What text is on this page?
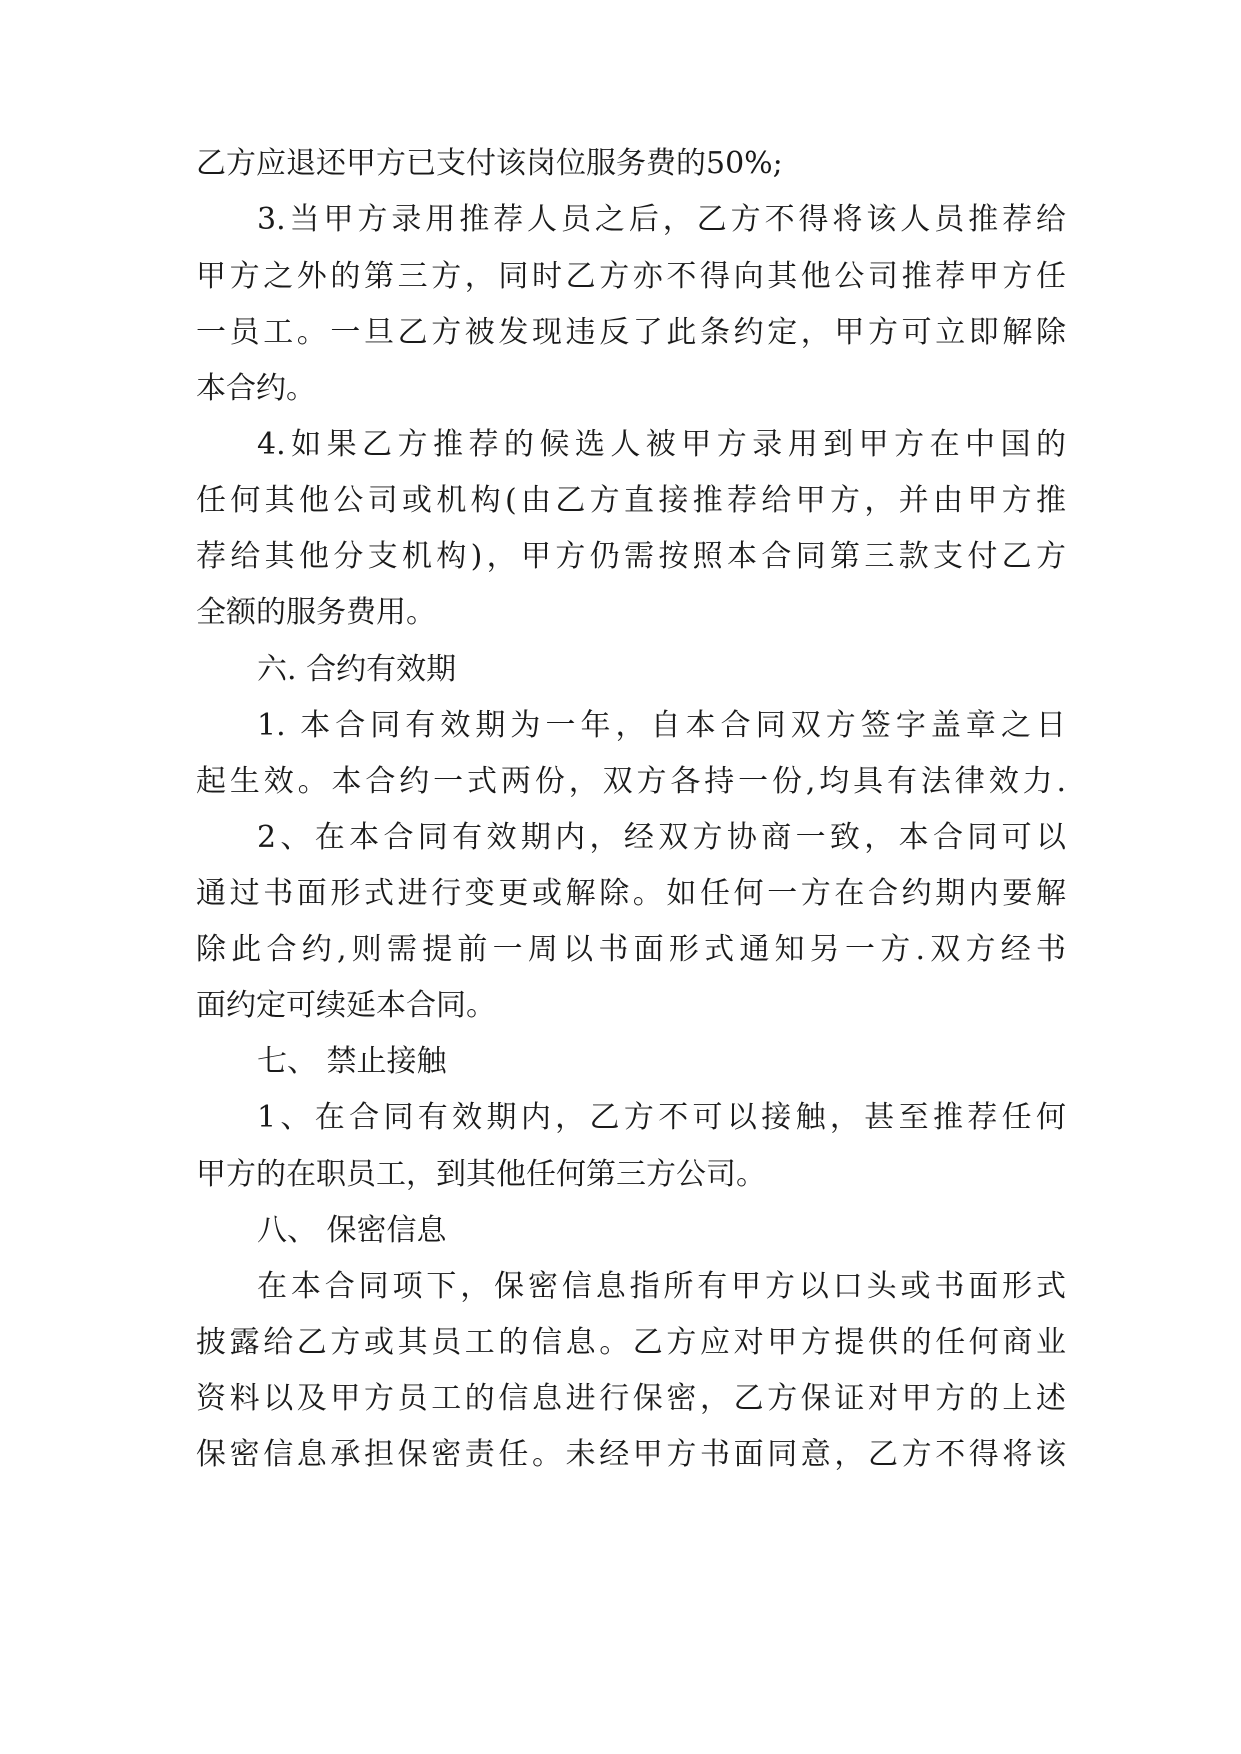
乙方应退还甲方已支付该岗位服务费的50%;
3.当甲方录用推荐人员之后，乙方不得将该人员推荐给
甲方之外的第三方，同时乙方亦不得向其他公司推荐甲方任
一员工。一旦乙方被发现违反了此条约定，甲方可立即解除
本合约。
4.如果乙方推荐的候选人被甲方录用到甲方在中国的
任何其他公司或机构(由乙方直接推荐给甲方，并由甲方推
荐给其他分支机构)，甲方仍需按照本合同第三款支付乙方
全额的服务费用。
六. 合约有效期
1. 本合同有效期为一年，自本合同双方签字盖章之日
起生效。本合约一式两份，双方各持一份,均具有法律效力.
2、在本合同有效期内，经双方协商一致，本合同可以
通过书面形式进行变更或解除。如任何一方在合约期内要解
除此合约,则需提前一周以书面形式通知另一方.双方经书
面约定可续延本合同。
七、 禁止接触
1、在合同有效期内，乙方不可以接触，甚至推荐任何
甲方的在职员工，到其他任何第三方公司。
八、 保密信息
在本合同项下，保密信息指所有甲方以口头或书面形式
披露给乙方或其员工的信息。乙方应对甲方提供的任何商业
资料以及甲方员工的信息进行保密，乙方保证对甲方的上述
保密信息承担保密责任。未经甲方书面同意，乙方不得将该
